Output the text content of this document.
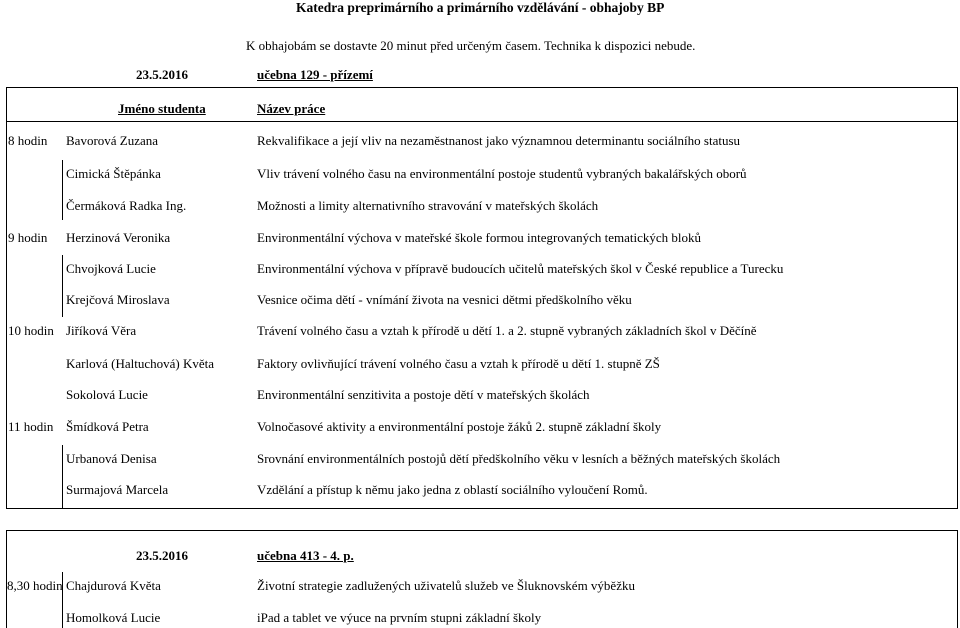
Katedra preprimárního a primárního vzdělávání - obhajoby BP
K obhajobám se dostavte 20 minut před určeným časem. Technika k dispozici nebude.
23.5.2016	učebna 129 - přízemí
Jméno studenta	Název práce
8 hodin Bavorová Zuzana	Rekvalifikace a její vliv na nezaměstnanost jako významnou determinantu sociálního statusu
Cimická Štěpánka	Vliv trávení volného času na environmentální postoje studentů vybraných bakalářských oborů
Čermáková Radka Ing.	Možnosti a limity alternativního stravování v mateřských školách
9 hodin Herzinová Veronika	Environmentální výchova v mateřské škole formou integrovaných tematických bloků
Chvojková Lucie	Environmentální výchova v přípravě budoucích učitelů mateřských škol v České republice a Turecku
Krejčová Miroslava	Vesnice očima dětí - vnímání života na vesnici dětmi předškolního věku
10 hodin Jiříková Věra	Trávení volného času a vztah k přírodě u dětí 1. a 2. stupně vybraných základních škol v Děčíně
Karlová (Haltuchová) Květa	Faktory ovlivňující trávení volného času a vztah k přírodě u dětí 1. stupně ZŠ
Sokolová Lucie	Environmentální senzitivita a postoje dětí v mateřských školách
11 hodin Šmídková Petra	Volnočasové aktivity a environmentální postoje žáků 2. stupně základní školy
Urbanová Denisa	Srovnání environmentálních postojů dětí předškolního věku v lesních a běžných mateřských školách
Surmajová Marcela	Vzdělání a přístup k němu jako jedna z oblastí sociálního vyloučení Romů.
23.5.2016	učebna 413 - 4. p.
8,30 hodin Chajdurová Květa	Životní strategie zadlužených uživatelů služeb ve Šluknovském výběžku
Homolková Lucie	iPad a tablet ve výuce na prvním stupni základní školy
